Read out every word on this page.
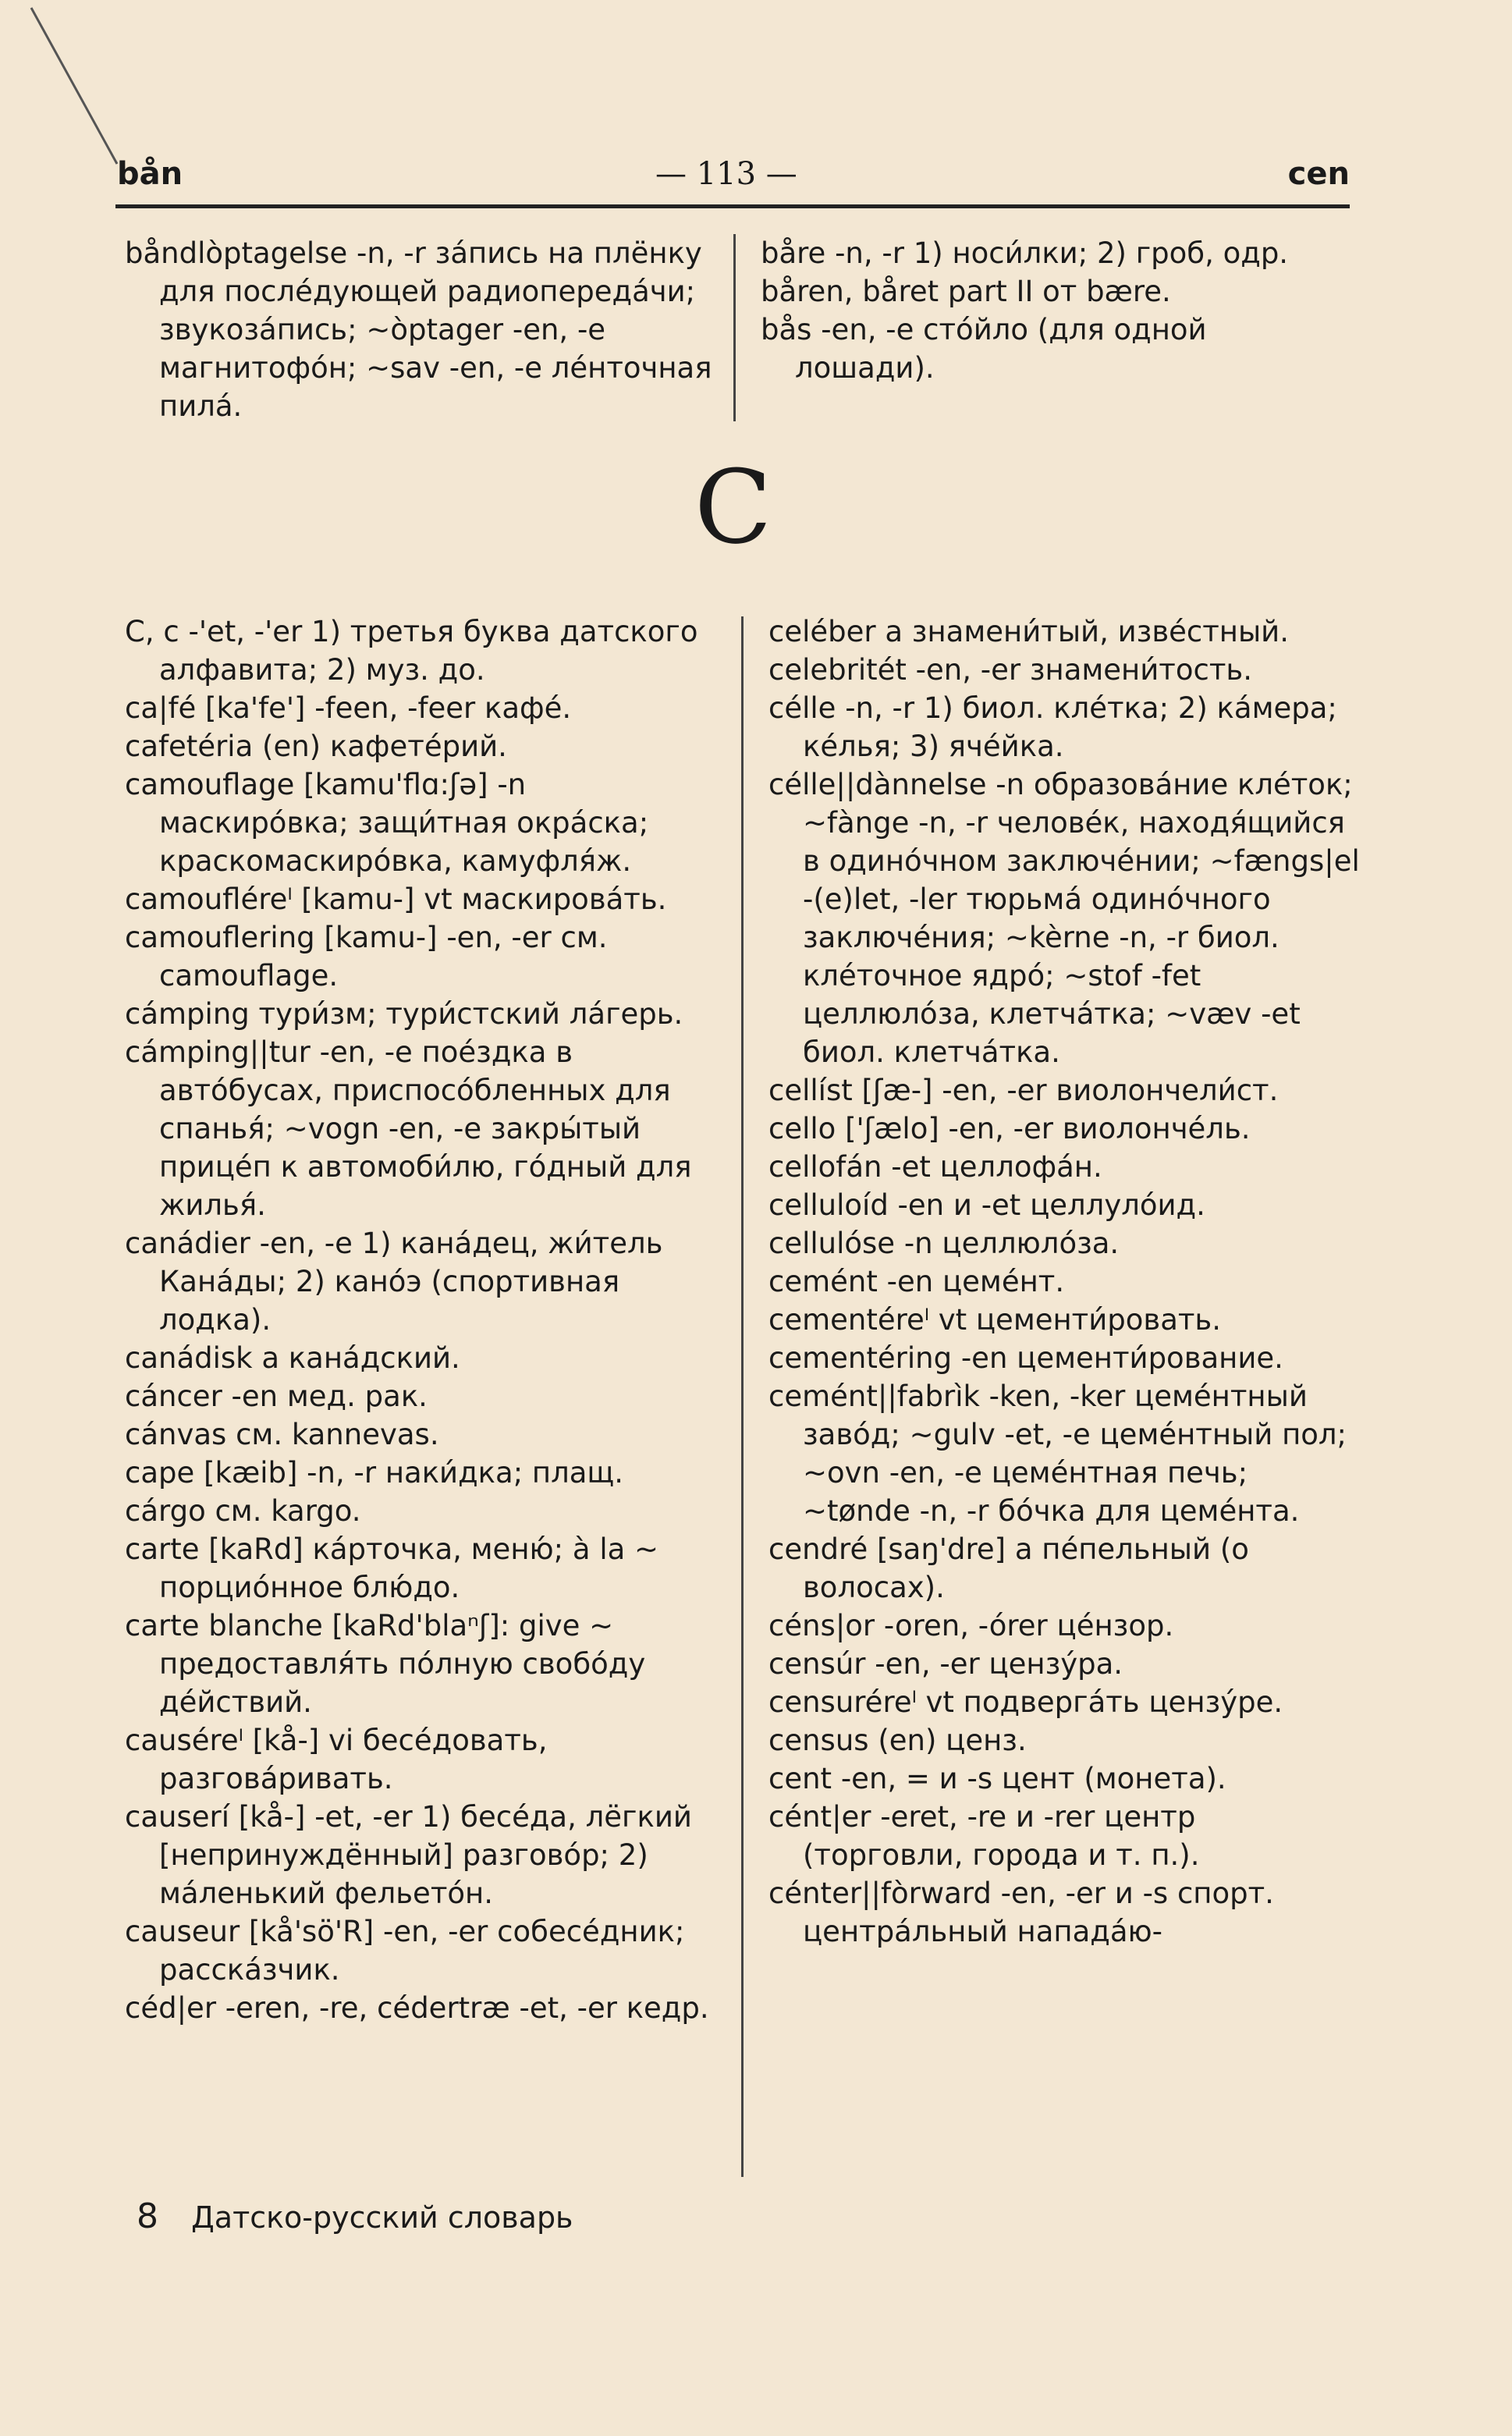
bån	— 113 —	cen

båndlòptagelse -n, -r зáпись на плёнку для послéдующей радиопередáчи; звукозáпись; ~òptager -en, -e магнитофóн; ~sav -en, -e лéнточная пилá.

båre -n, -r 1) носи́лки; 2) гроб, одр.

båren, båret part II от bære.

bås -en, -e стóйло (для одной лошади).

C

C, c -'et, -'er 1) третья буква датского алфавита; 2) муз. до.

ca|fé [ka'fe'] -feen, -feer кафé.

cafetéria (en) кафетéрий.

camouflage [kamu'flɑ:ʃə] -n маскирóвка; защи́тная окрáска; краскомаскирóвка, камуфля́ж.

camoufléreˡ [kamu-] vt маскировáть.

camouflering [kamu-] -en, -er см. camouflage.

cámping тури́зм; тури́стский лáгерь.

cámping||tur -en, -e поéздка в автóбусах, приспосóбленных для спанья́; ~vogn -en, -e закры́тый прицéп к автомоби́лю, гóдный для жилья́.

canádier -en, -e 1) канáдец, жи́тель Канáды; 2) канóэ (спортивная лодка).

canádisk a канáдский.

cáncer -en мед. рак.

cánvas см. kannevas.

cape [kæib] -n, -r наки́дка; плащ.

cárgo см. kargo.

carte [kaRd] кáрточка, меню́; à la ~ порциóнное блю́до.

carte blanche [kaRd'blaⁿʃ]: give ~ предоставля́ть пóлную свобóду дéйствий.

causéreˡ [kå-] vi бесéдовать, разговáривать.

causerí [kå-] -et, -er 1) бесéда, лёгкий [непринуждённый] разговóр; 2) мáленький фельетóн.

causeur [kå'sö'R] -en, -er собесéдник; расскáзчик.

céd|er -eren, -re, cédertræ -et, -er кедр.

celéber a знамени́тый, извéстный.

celebritét -en, -er знамени́тость.

célle -n, -r 1) биол. клéтка; 2) кáмера; кéлья; 3) ячéйка.

célle||dànnelse -n образовáние клéток; ~fànge -n, -r человéк, находя́щийся в одинóчном заключéнии; ~fængs|el -(e)let, -ler тюрьмá одинóчного заключéния; ~kèrne -n, -r биол. клéточное ядрó; ~stof -fet целлюлóза, клетчáтка; ~væv -et биол. клетчáтка.

cellíst [ʃæ-] -en, -er виолончели́ст.

cello ['ʃælo] -en, -er виолончéль.

cellofán -et целлофáн.

celluloíd -en и -et целлулóид.

cellulóse -n целлюлóза.

cemént -en цемéнт.

cementéreˡ vt цементи́ровать.

cementéring -en цементи́рование.

cemént||fabrìk -ken, -ker цемéнтный завóд; ~gulv -et, -e цемéнтный пол; ~ovn -en, -e цемéнтная печь; ~tønde -n, -r бóчка для цемéнта.

cendré [saŋ'dre] a пéпельный (о волосах).

céns|or -oren, -órer цéнзор.

censúr -en, -er цензу́ра.

censuréreˡ vt подвергáть цензу́ре.

census (en) ценз.

cent -en, = и -s цент (монета).

cént|er -eret, -re и -rer центр (торговли, города и т. п.).

cénter||fòrward -en, -er и -s спорт. центрáльный нападáю-

8 Датско-русский словарь
